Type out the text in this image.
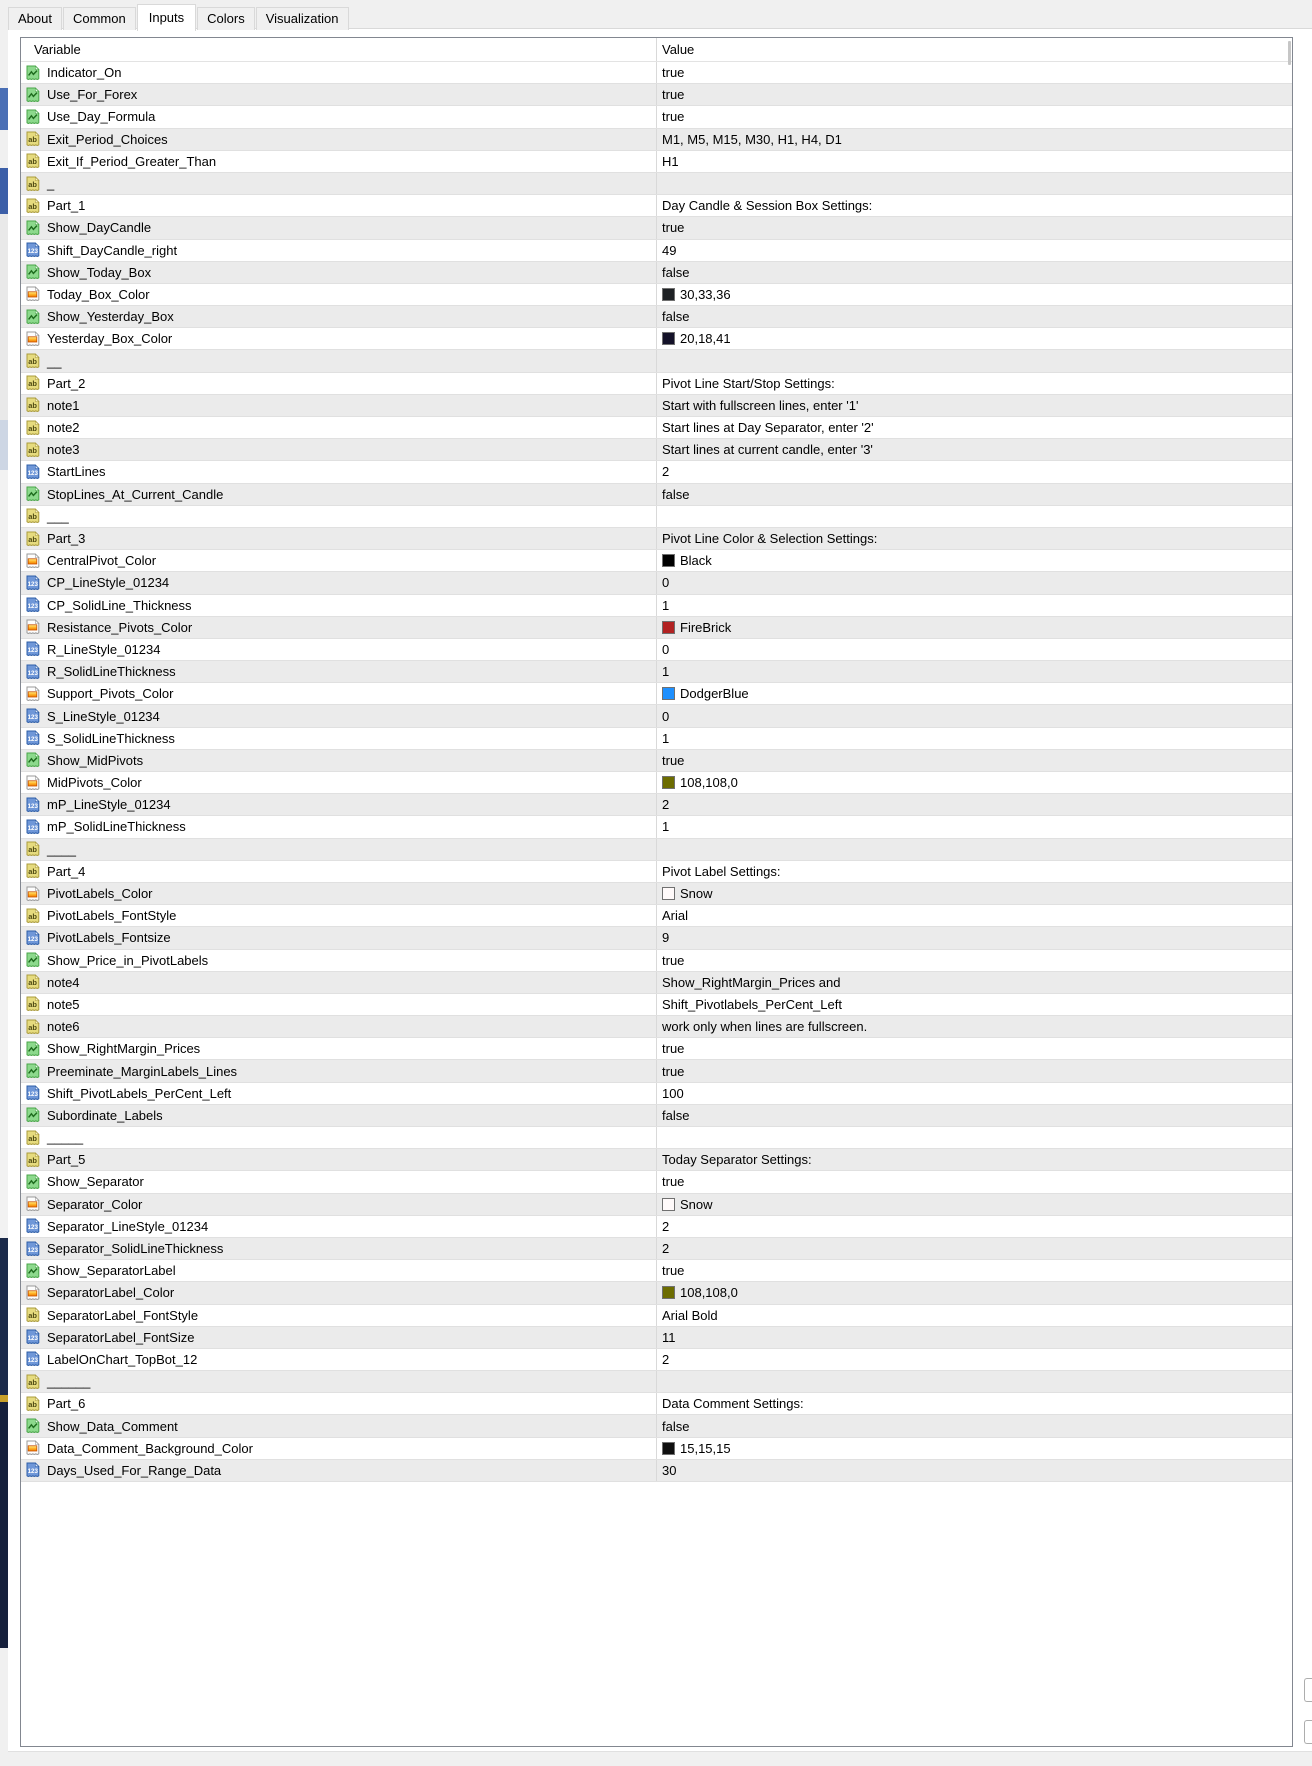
About	Common	Inputs	Colors	Visualization
Variable	Value
Indicator_On	true
Use_For_Forex	true
Use_Day_Formula	true
ab Exit_Period_Choices	M1, M5, M15, M30, H1, H4, D1
ab Exit_If_Period_Greater_Than	H1
ab _
ab Part_1	Day Candle & Session Box Settings:
Show_DayCandle	true
123 Shift_DayCandle_right	49
Show_Today_Box	false
Today_Box_Color	30,33,36
Show_Yesterday_Box	false
Yesterday_Box_Color	20,18,41
ab __
ab Part_2	Pivot Line Start/Stop Settings:
ab note1	Start with fullscreen lines, enter '1'
ab note2	Start lines at Day Separator, enter '2'
ab note3	Start lines at current candle, enter '3'
123 StartLines	2
StopLines_At_Current_Candle	false
ab ___
ab Part_3	Pivot Line Color & Selection Settings:
CentralPivot_Color	Black
123 CP_LineStyle_01234	0
123 CP_SolidLine_Thickness	1
Resistance_Pivots_Color	FireBrick
123 R_LineStyle_01234	0
123 R_SolidLineThickness	1
Support_Pivots_Color	DodgerBlue
123 S_LineStyle_01234	0
123 S_SolidLineThickness	1
Show_MidPivots	true
MidPivots_Color	108,108,0
123 mP_LineStyle_01234	2
123 mP_SolidLineThickness	1
ab ____
ab Part_4	Pivot Label Settings:
PivotLabels_Color	Snow
ab PivotLabels_FontStyle	Arial
123 PivotLabels_Fontsize	9
Show_Price_in_PivotLabels	true
ab note4	Show_RightMargin_Prices and
ab note5	Shift_Pivotlabels_PerCent_Left
ab note6	work only when lines are fullscreen.
Show_RightMargin_Prices	true
Preeminate_MarginLabels_Lines	true
123 Shift_PivotLabels_PerCent_Left	100
Subordinate_Labels	false
ab _____
ab Part_5	Today Separator Settings:
Show_Separator	true
Separator_Color	Snow
123 Separator_LineStyle_01234	2
123 Separator_SolidLineThickness	2
Show_SeparatorLabel	true
SeparatorLabel_Color	108,108,0
ab SeparatorLabel_FontStyle	Arial Bold
123 SeparatorLabel_FontSize	11
123 LabelOnChart_TopBot_12	2
ab ______
ab Part_6	Data Comment Settings:
Show_Data_Comment	false
Data_Comment_Background_Color	15,15,15
123 Days_Used_For_Range_Data	30
